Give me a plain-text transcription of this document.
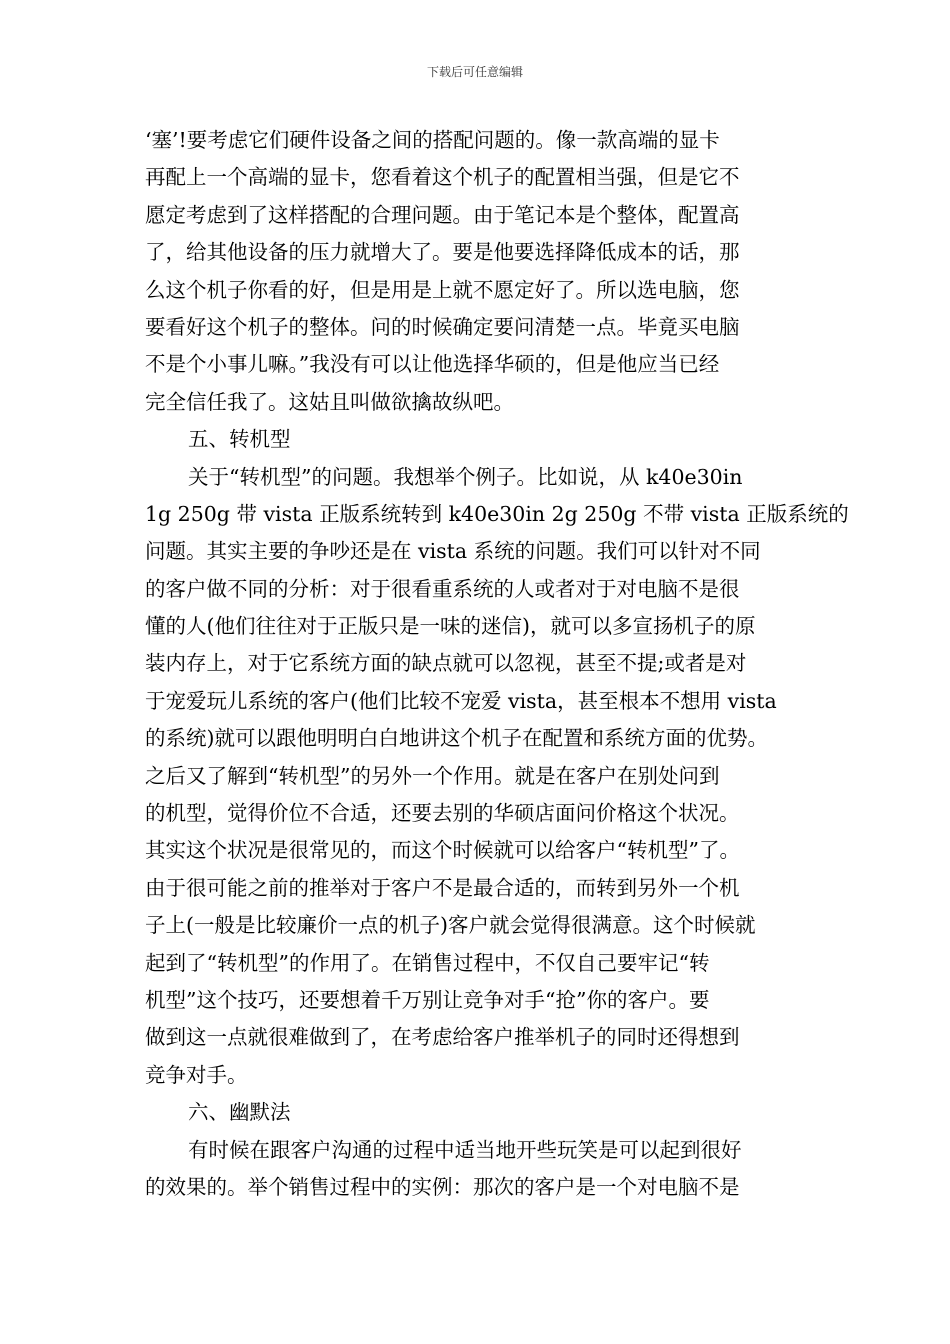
下载后可任意编辑
‘塞’!要考虑它们硬件设备之间的搭配问题的。像一款高端的显卡
再配上一个高端的显卡，您看着这个机子的配置相当强，但是它不
愿定考虑到了这样搭配的合理问题。由于笔记本是个整体，配置高
了，给其他设备的压力就增大了。要是他要选择降低成本的话，那
么这个机子你看的好，但是用是上就不愿定好了。所以选电脑，您
要看好这个机子的整体。问的时候确定要问清楚一点。毕竟买电脑
不是个小事儿嘛。”我没有可以让他选择华硕的，但是他应当已经
完全信任我了。这姑且叫做欲擒故纵吧。
五、转机型
关于“转机型”的问题。我想举个例子。比如说，从 k40e30in
1g 250g 带 vista 正版系统转到 k40e30in 2g 250g 不带 vista 正版系统的
问题。其实主要的争吵还是在 vista 系统的问题。我们可以针对不同
的客户做不同的分析：对于很看重系统的人或者对于对电脑不是很
懂的人(他们往往对于正版只是一味的迷信)，就可以多宣扬机子的原
装内存上，对于它系统方面的缺点就可以忽视，甚至不提;或者是对
于宠爱玩儿系统的客户(他们比较不宠爱 vista，甚至根本不想用 vista
的系统)就可以跟他明明白白地讲这个机子在配置和系统方面的优势。
之后又了解到“转机型”的另外一个作用。就是在客户在别处问到
的机型，觉得价位不合适，还要去别的华硕店面问价格这个状况。
其实这个状况是很常见的，而这个时候就可以给客户“转机型”了。
由于很可能之前的推举对于客户不是最合适的，而转到另外一个机
子上(一般是比较廉价一点的机子)客户就会觉得很满意。这个时候就
起到了“转机型”的作用了。在销售过程中，不仅自己要牢记“转
机型”这个技巧，还要想着千万别让竞争对手“抢”你的客户。要
做到这一点就很难做到了，在考虑给客户推举机子的同时还得想到
竞争对手。
六、幽默法
有时候在跟客户沟通的过程中适当地开些玩笑是可以起到很好
的效果的。举个销售过程中的实例：那次的客户是一个对电脑不是
